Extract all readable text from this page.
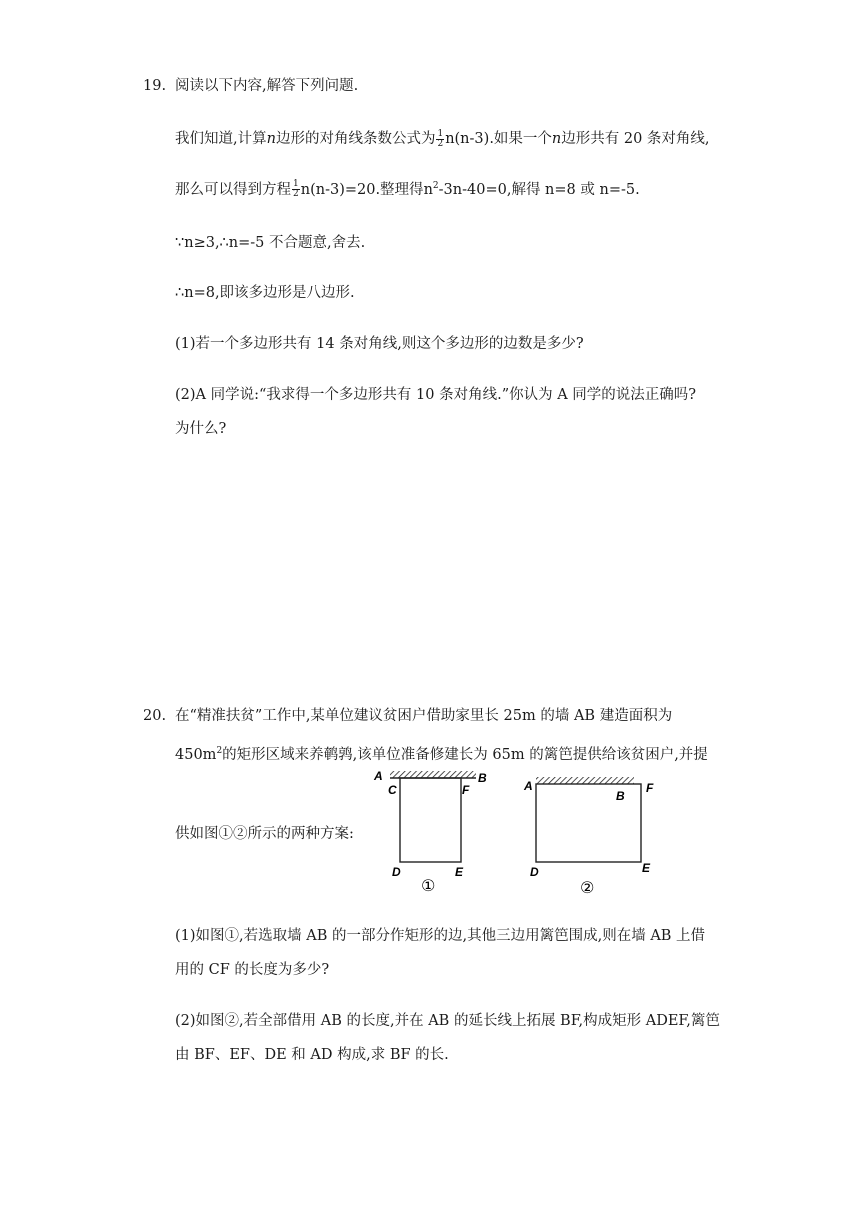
19. 阅读以下内容,解答下列问题.
我们知道,计算n边形的对角线条数公式为 $\frac{1}{2} n(n-3)$.如果一个n边形共有 20 条对角线,
那么可以得到方程 $\frac{1}{2} n(n-3)=20$.整理得$n^2-3n-40=0$,解得 n=8 或 n=-5.
∵n≥3,∴n=-5 不合题意,舍去.
∴n=8,即该多边形是八边形.
(1)若一个多边形共有 14 条对角线,则这个多边形的边数是多少?
(2)A 同学说:“我求得一个多边形共有 10 条对角线.”你认为 A 同学的说法正确吗?
为什么?
20. 在“精准扶贫”工作中,某单位建议贫困户借助家里长 25m 的墙 AB 建造面积为
$450m^2$的矩形区域来养鹌鹑,该单位准备修建长为 65m 的篱笆提供给该贫困户,并提
供如图①②所示的两种方案:
A	B
C	F
D	E
①
A
B
F
D	E
②
(1)如图①,若选取墙 AB 的一部分作矩形的边,其他三边用篱笆围成,则在墙 AB 上借
用的 CF 的长度为多少?
(2)如图②,若全部借用 AB 的长度,并在 AB 的延长线上拓展 BF,构成矩形 ADEF,篱笆
由 BF、EF、DE 和 AD 构成,求 BF 的长.
